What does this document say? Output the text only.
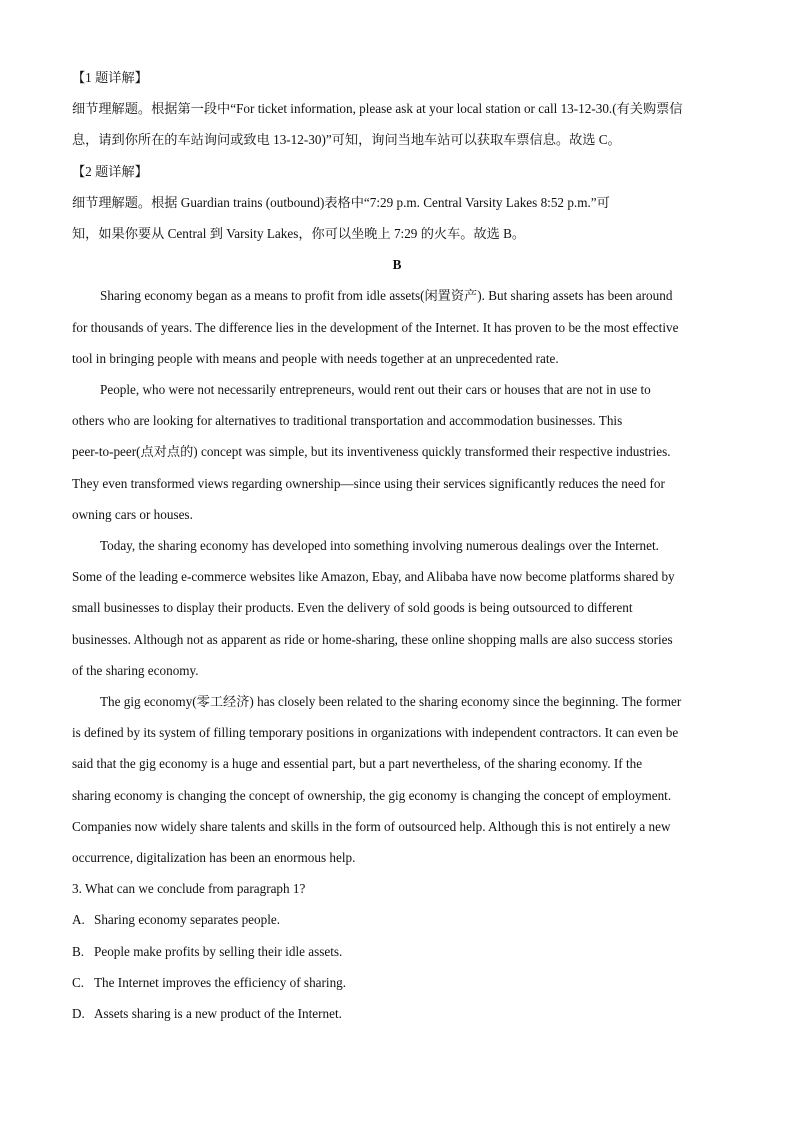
【1 题详解】

细节理解题。根据第一段中“For ticket information, please ask at your local station or call 13-12-30.(有关购票信

息，请到你所在的车站询问或致电 13-12-30)”可知，询问当地车站可以获取车票信息。故选 C。

【2 题详解】

细节理解题。根据 Guardian trains (outbound)表格中“7:29 p.m. Central Varsity Lakes 8:52 p.m.”可

知，如果你要从 Central 到 Varsity Lakes，你可以坐晚上 7:29 的火车。故选 B。

B

Sharing economy began as a means to profit from idle assets(闲置资产). But sharing assets has been around

for thousands of years. The difference lies in the development of the Internet. It has proven to be the most effective

tool in bringing people with means and people with needs together at an unprecedented rate.

People, who were not necessarily entrepreneurs, would rent out their cars or houses that are not in use to

others who are looking for alternatives to traditional transportation and accommodation businesses. This

peer-to-peer(点对点的) concept was simple, but its inventiveness quickly transformed their respective industries.

They even transformed views regarding ownership—since using their services significantly reduces the need for

owning cars or houses.

Today, the sharing economy has developed into something involving numerous dealings over the Internet.

Some of the leading e-commerce websites like Amazon, Ebay, and Alibaba have now become platforms shared by

small businesses to display their products. Even the delivery of sold goods is being outsourced to different

businesses. Although not as apparent as ride or home-sharing, these online shopping malls are also success stories

of the sharing economy.

The gig economy(零工经济) has closely been related to the sharing economy since the beginning. The former

is defined by its system of filling temporary positions in organizations with independent contractors. It can even be

said that the gig economy is a huge and essential part, but a part nevertheless, of the sharing economy. If the

sharing economy is changing the concept of ownership, the gig economy is changing the concept of employment.

Companies now widely share talents and skills in the form of outsourced help. Although this is not entirely a new

occurrence, digitalization has been an enormous help.

3. What can we conclude from paragraph 1?

A. Sharing economy separates people.

B. People make profits by selling their idle assets.

C. The Internet improves the efficiency of sharing.

D. Assets sharing is a new product of the Internet.
